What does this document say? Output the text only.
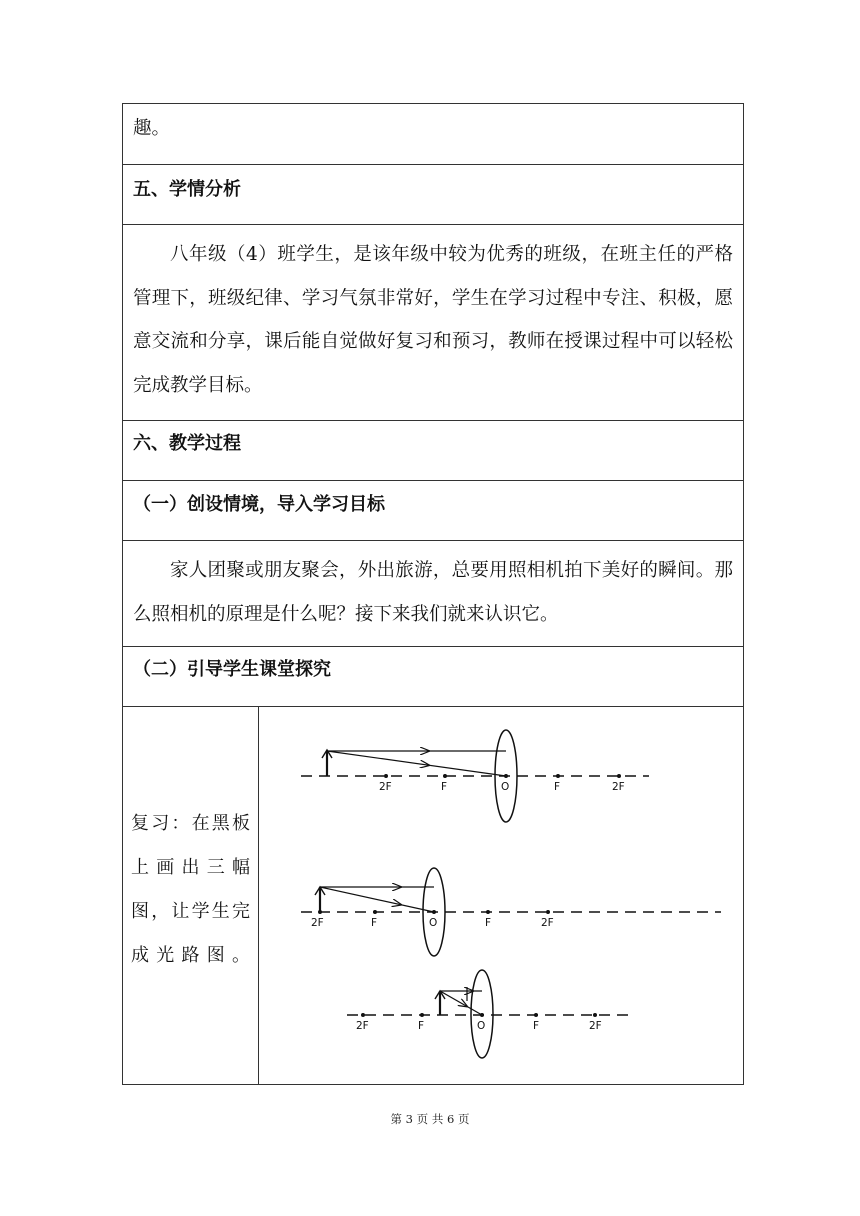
趣。
五、学情分析
八年级（4）班学生，是该年级中较为优秀的班级，在班主任的严格管理下，班级纪律、学习气氛非常好，学生在学习过程中专注、积极，愿意交流和分享，课后能自觉做好复习和预习，教师在授课过程中可以轻松完成教学目标。
六、教学过程
（一）创设情境，导入学习目标
家人团聚或朋友聚会，外出旅游，总要用照相机拍下美好的瞬间。那么照相机的原理是什么呢？接下来我们就来认识它。
（二）引导学生课堂探究
复习：在黑板上画出三幅图，让学生完成光路图。
2F	F	O	F	2F
2F	F	O	F	2F
2F	F	O	F	2F
第 3 页 共 6 页
